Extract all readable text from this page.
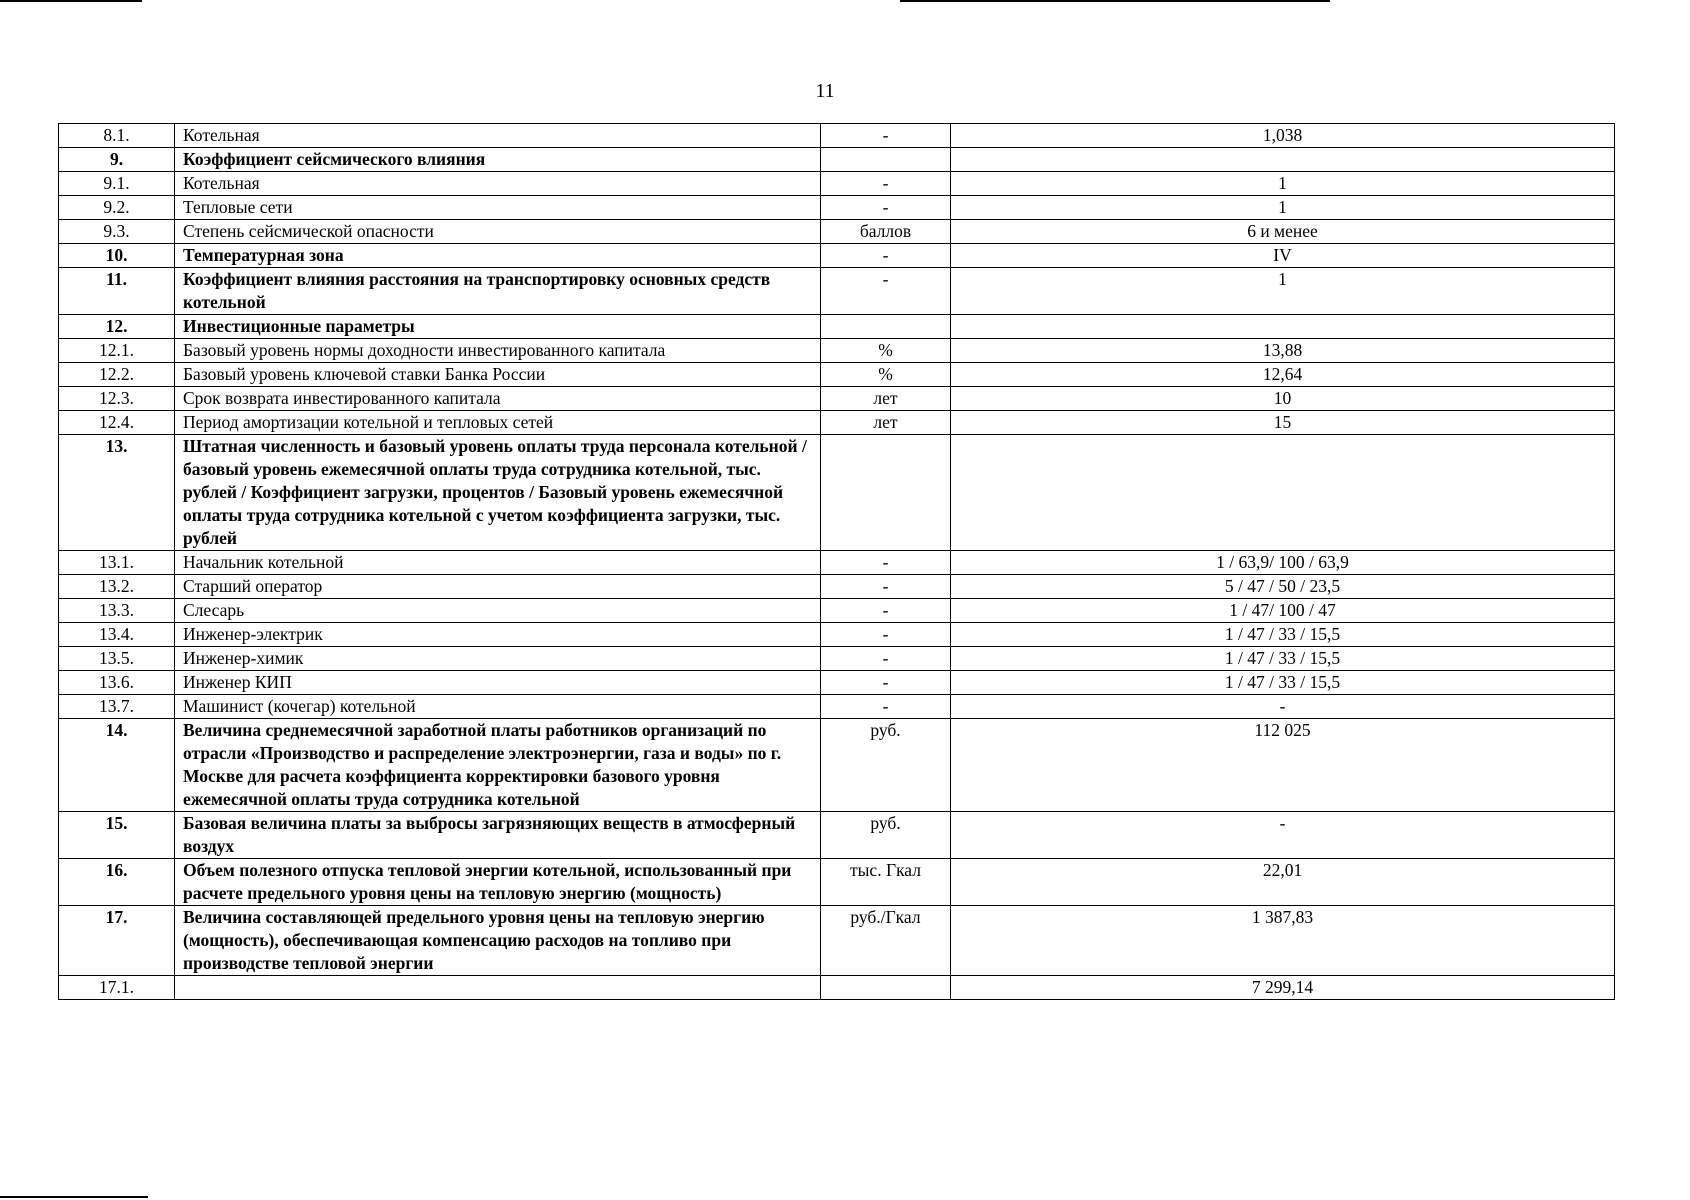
11
8.1.	Котельная	-	1,038
9.	Коэффициент сейсмического влияния		
9.1.	Котельная	-	1
9.2.	Тепловые сети	-	1
9.3.	Степень сейсмической опасности	баллов	6 и менее
10.	Температурная зона	-	IV
11.	Коэффициент влияния расстояния на транспортировку основных средств котельной	-	1
12.	Инвестиционные параметры		
12.1.	Базовый уровень нормы доходности инвестированного капитала	%	13,88
12.2.	Базовый уровень ключевой ставки Банка России	%	12,64
12.3.	Срок возврата инвестированного капитала	лет	10
12.4.	Период амортизации котельной и тепловых сетей	лет	15
13.	Штатная численность и базовый уровень оплаты труда персонала котельной / базовый уровень ежемесячной оплаты труда сотрудника котельной, тыс. рублей / Коэффициент загрузки, процентов / Базовый уровень ежемесячной оплаты труда сотрудника котельной с учетом коэффициента загрузки, тыс. рублей		
13.1.	Начальник котельной	-	1 / 63,9/ 100 / 63,9
13.2.	Старший оператор	-	5 / 47 / 50 / 23,5
13.3.	Слесарь	-	1 / 47/ 100 / 47
13.4.	Инженер-электрик	-	1 / 47 / 33 / 15,5
13.5.	Инженер-химик	-	1 / 47 / 33 / 15,5
13.6.	Инженер КИП	-	1 / 47 / 33 / 15,5
13.7.	Машинист (кочегар) котельной	-	-
14.	Величина среднемесячной заработной платы работников организаций по отрасли «Производство и распределение электроэнергии, газа и воды» по г. Москве для расчета коэффициента корректировки базового уровня ежемесячной оплаты труда сотрудника котельной	руб.	112 025
15.	Базовая величина платы за выбросы загрязняющих веществ в атмосферный воздух	руб.	-
16.	Объем полезного отпуска тепловой энергии котельной, использованный при расчете предельного уровня цены на тепловую энергию (мощность)	тыс. Гкал	22,01
17.	Величина составляющей предельного уровня цены на тепловую энергию (мощность), обеспечивающая компенсацию расходов на топливо при производстве тепловой энергии	руб./Гкал	1 387,83
17.1.			7 299,14
